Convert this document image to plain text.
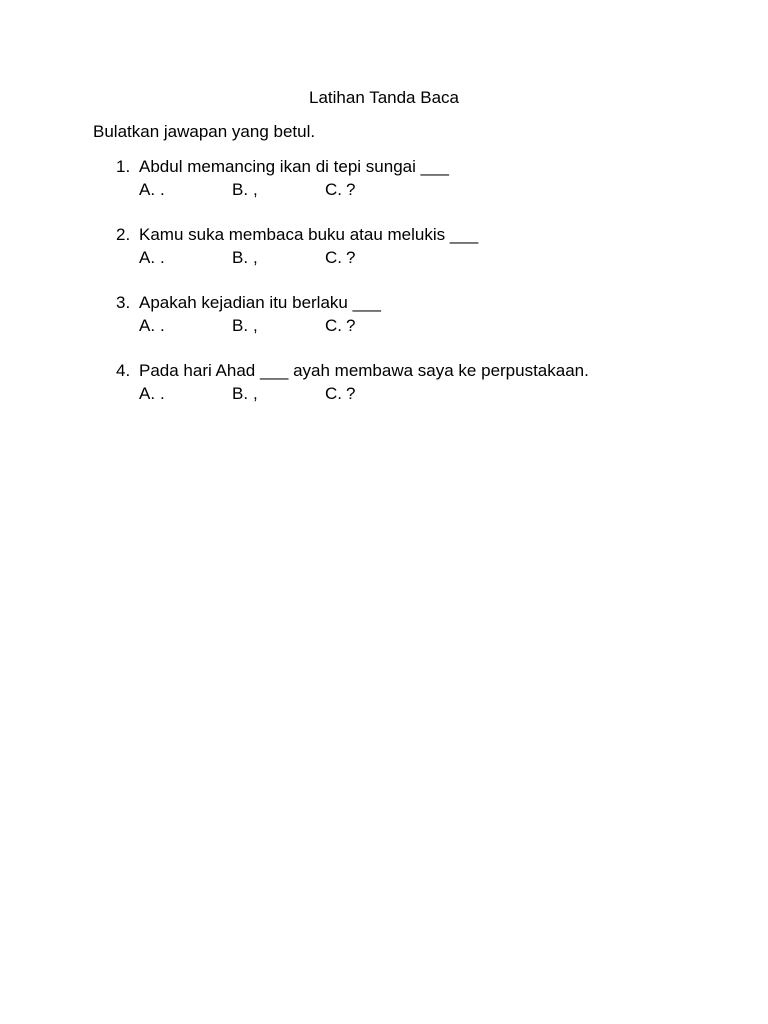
Latihan Tanda Baca
Bulatkan jawapan yang betul.
1. Abdul memancing ikan di tepi sungai ___
A. .	B. ,	C. ?
2. Kamu suka membaca buku atau melukis ___
A. .	B. ,	C. ?
3. Apakah kejadian itu berlaku ___
A. .	B. ,	C. ?
4. Pada hari Ahad ___ ayah membawa saya ke perpustakaan.
A. .	B. ,	C. ?
